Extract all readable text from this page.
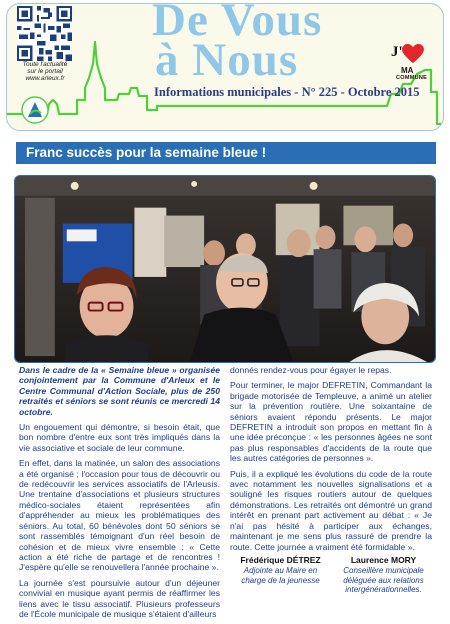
Toute l'actualité
sur le portail
www.arleux.fr
De Vous
à Nous	J'
MA
COMMUNE
Informations municipales - N° 225 - Octobre 2015
Franc succès pour la semaine bleue !

Dans le cadre de la « Semaine bleue » organisée conjointement par la Commune d'Arleux et le Centre Communal d'Action Sociale, plus de 250 retraités et séniors se sont réunis ce mercredi 14 octobre.

Un engouement qui démontre, si besoin était, que bon nombre d'entre eux sont très impliqués dans la vie associative et sociale de leur commune.

En effet, dans la matinée, un salon des associations a été organisé ; l'occasion pour tous de découvrir ou de redécouvrir les services associatifs de l'Arleusis. Une trentaine d'associations et plusieurs structures médico-sociales étaient représentées afin d'appréhender au mieux les problématiques des séniors. Au total, 60 bénévoles dont 50 séniors se sont rassemblés témoignant d'un réel besoin de cohésion et de mieux vivre ensemble : « Cette action a été riche de partage et de rencontres ! J'espère qu'elle se renouvellera l'année prochaine ».

La journée s'est poursuivie autour d'un déjeuner convivial en musique ayant permis de réaffirmer les liens avec le tissu associatif. Plusieurs professeurs de l'École municipale de musique s'étaient d'ailleurs

donnés rendez-vous pour égayer le repas.

Pour terminer, le major DEFRETIN, Commandant la brigade motorisée de Templeuve, a animé un atelier sur la prévention routière. Une soixantaine de séniors avaient répondu présents. Le major DEFRETIN a introduit son propos en mettant fin à une idée préconçue : « les personnes âgées ne sont pas plus responsables d'accidents de la route que les autres catégories de personnes ».

Puis, il a expliqué les évolutions du code de la route avec notamment les nouvelles signalisations et a souligné les risques routiers autour de quelques démonstrations. Les retraités ont démontré un grand intérêt en prenant part activement au débat : « Je n'ai pas hésité à participer aux échanges, maintenant je me sens plus rassuré de prendre la route. Cette journée a vraiment été formidable ».

Frédérique DÉTREZ
Adjointe au Maire en
charge de la jeunesse
Laurence MORY
Conseillère municipale
déléguée aux relations
intergénérationnelles.
